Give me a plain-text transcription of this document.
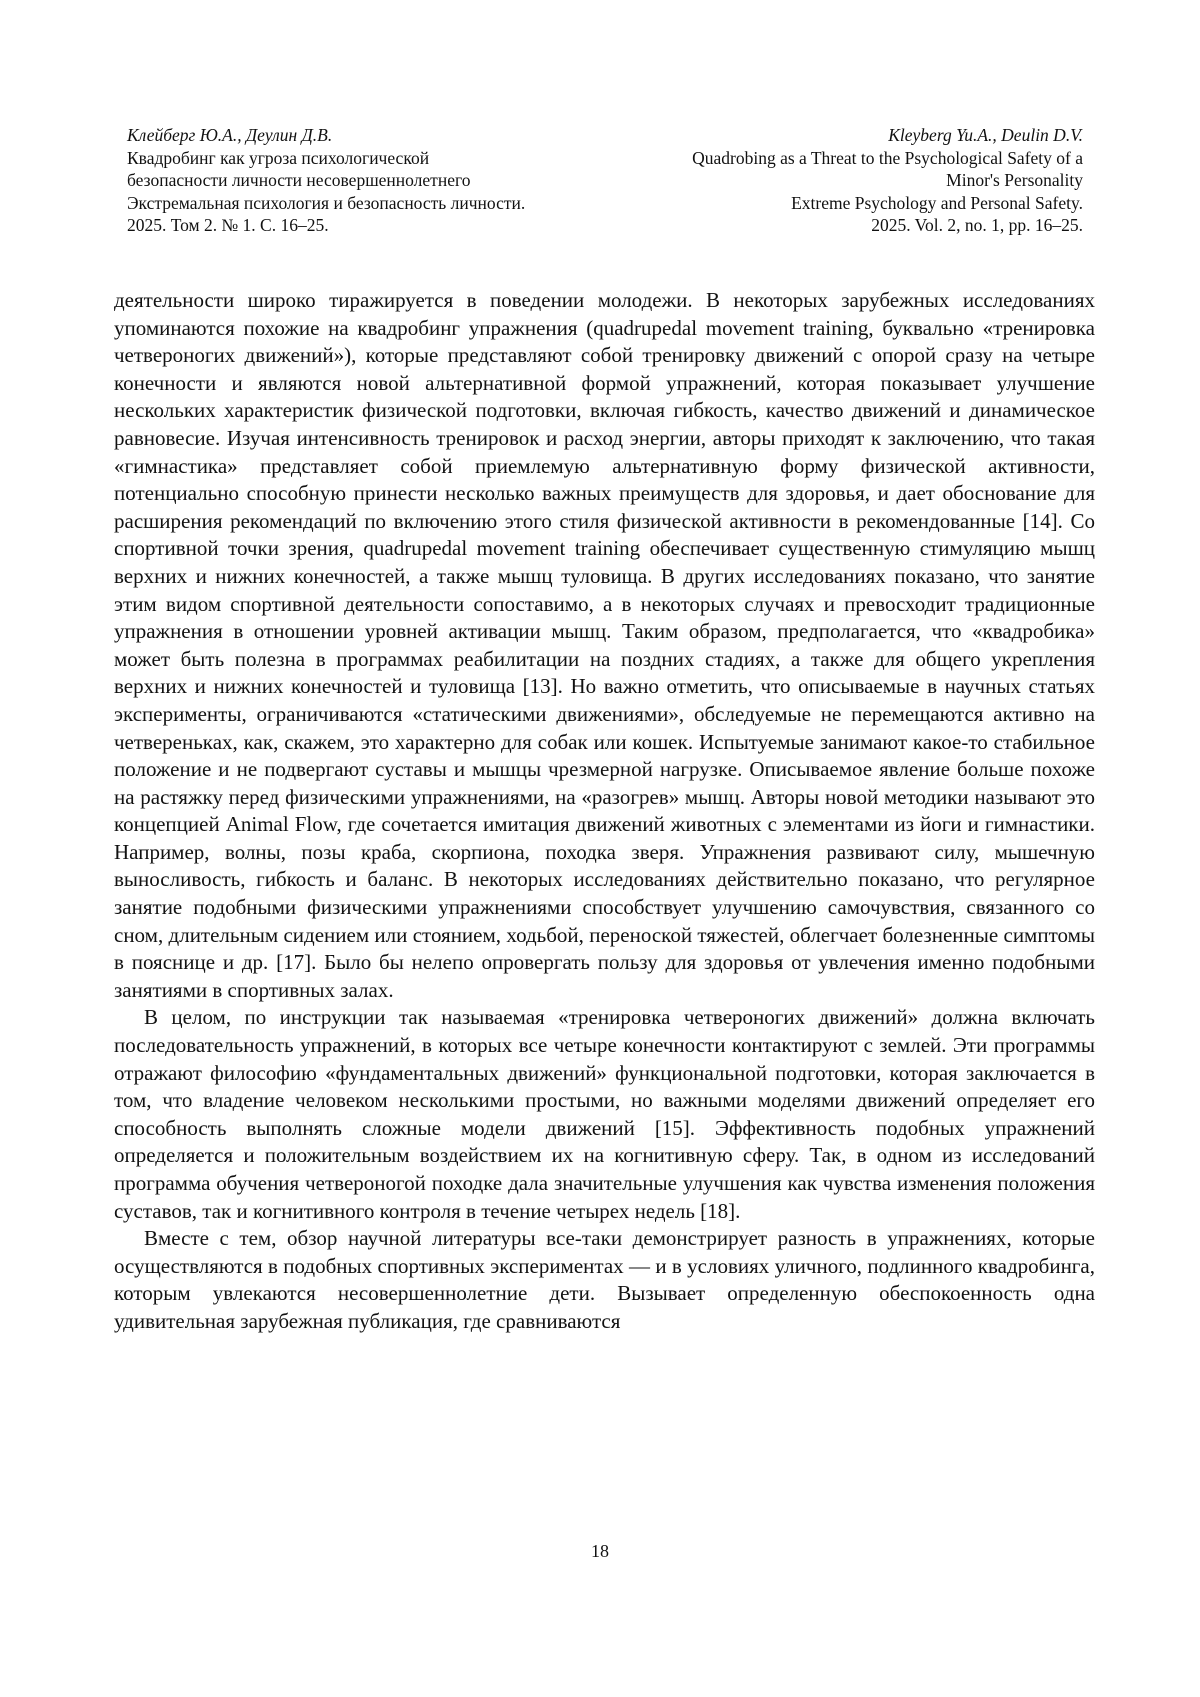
Клейберг Ю.А., Деулин Д.В.
Квадробинг как угроза психологической
безопасности личности несовершеннолетнего
Экстремальная психология и безопасность личности.
2025. Том 2. № 1. С. 16–25.
Kleyberg Yu.A., Deulin D.V.
Quadrobing as a Threat to the Psychological Safety of a
Minor's Personality
Extreme Psychology and Personal Safety.
2025. Vol. 2, no. 1, pp. 16–25.

деятельности широко тиражируется в поведении молодежи. В некоторых зарубежных исследованиях упоминаются похожие на квадробинг упражнения (quadrupedal movement training, буквально «тренировка четвероногих движений»), которые представляют собой тренировку движений с опорой сразу на четыре конечности и являются новой альтернативной формой упражнений, которая показывает улучшение нескольких характеристик физической подготовки, включая гибкость, качество движений и динамическое равновесие. Изучая интенсивность тренировок и расход энергии, авторы приходят к заключению, что такая «гимнастика» представляет собой приемлемую альтернативную форму физической активности, потенциально способную принести несколько важных преимуществ для здоровья, и дает обоснование для расширения рекомендаций по включению этого стиля физической активности в рекомендованные [14]. Со спортивной точки зрения, quadrupedal movement training обеспечивает существенную стимуляцию мышц верхних и нижних конечностей, а также мышц туловища. В других исследованиях показано, что занятие этим видом спортивной деятельности сопоставимо, а в некоторых случаях и превосходит традиционные упражнения в отношении уровней активации мышц. Таким образом, предполагается, что «квадробика» может быть полезна в программах реабилитации на поздних стадиях, а также для общего укрепления верхних и нижних конечностей и туловища [13]. Но важно отметить, что описываемые в научных статьях эксперименты, ограничиваются «статическими движениями», обследуемые не перемещаются активно на четвереньках, как, скажем, это характерно для собак или кошек. Испытуемые занимают какое-то стабильное положение и не подвергают суставы и мышцы чрезмерной нагрузке. Описываемое явление больше похоже на растяжку перед физическими упражнениями, на «разогрев» мышц. Авторы новой методики называют это концепцией Animal Flow, где сочетается имитация движений животных с элементами из йоги и гимнастики. Например, волны, позы краба, скорпиона, походка зверя. Упражнения развивают силу, мышечную выносливость, гибкость и баланс. В некоторых исследованиях действительно показано, что регулярное занятие подобными физическими упражнениями способствует улучшению самочувствия, связанного со сном, длительным сидением или стоянием, ходьбой, переноской тяжестей, облегчает болезненные симптомы в пояснице и др. [17]. Было бы нелепо опровергать пользу для здоровья от увлечения именно подобными занятиями в спортивных залах.

В целом, по инструкции так называемая «тренировка четвероногих движений» должна включать последовательность упражнений, в которых все четыре конечности контактируют с землей. Эти программы отражают философию «фундаментальных движений» функциональной подготовки, которая заключается в том, что владение человеком несколькими простыми, но важными моделями движений определяет его способность выполнять сложные модели движений [15]. Эффективность подобных упражнений определяется и положительным воздействием их на когнитивную сферу. Так, в одном из исследований программа обучения четвероногой походке дала значительные улучшения как чувства изменения положения суставов, так и когнитивного контроля в течение четырех недель [18].

Вместе с тем, обзор научной литературы все-таки демонстрирует разность в упражнениях, которые осуществляются в подобных спортивных экспериментах — и в условиях уличного, подлинного квадробинга, которым увлекаются несовершеннолетние дети. Вызывает определенную обеспокоенность одна удивительная зарубежная публикация, где сравниваются

18
